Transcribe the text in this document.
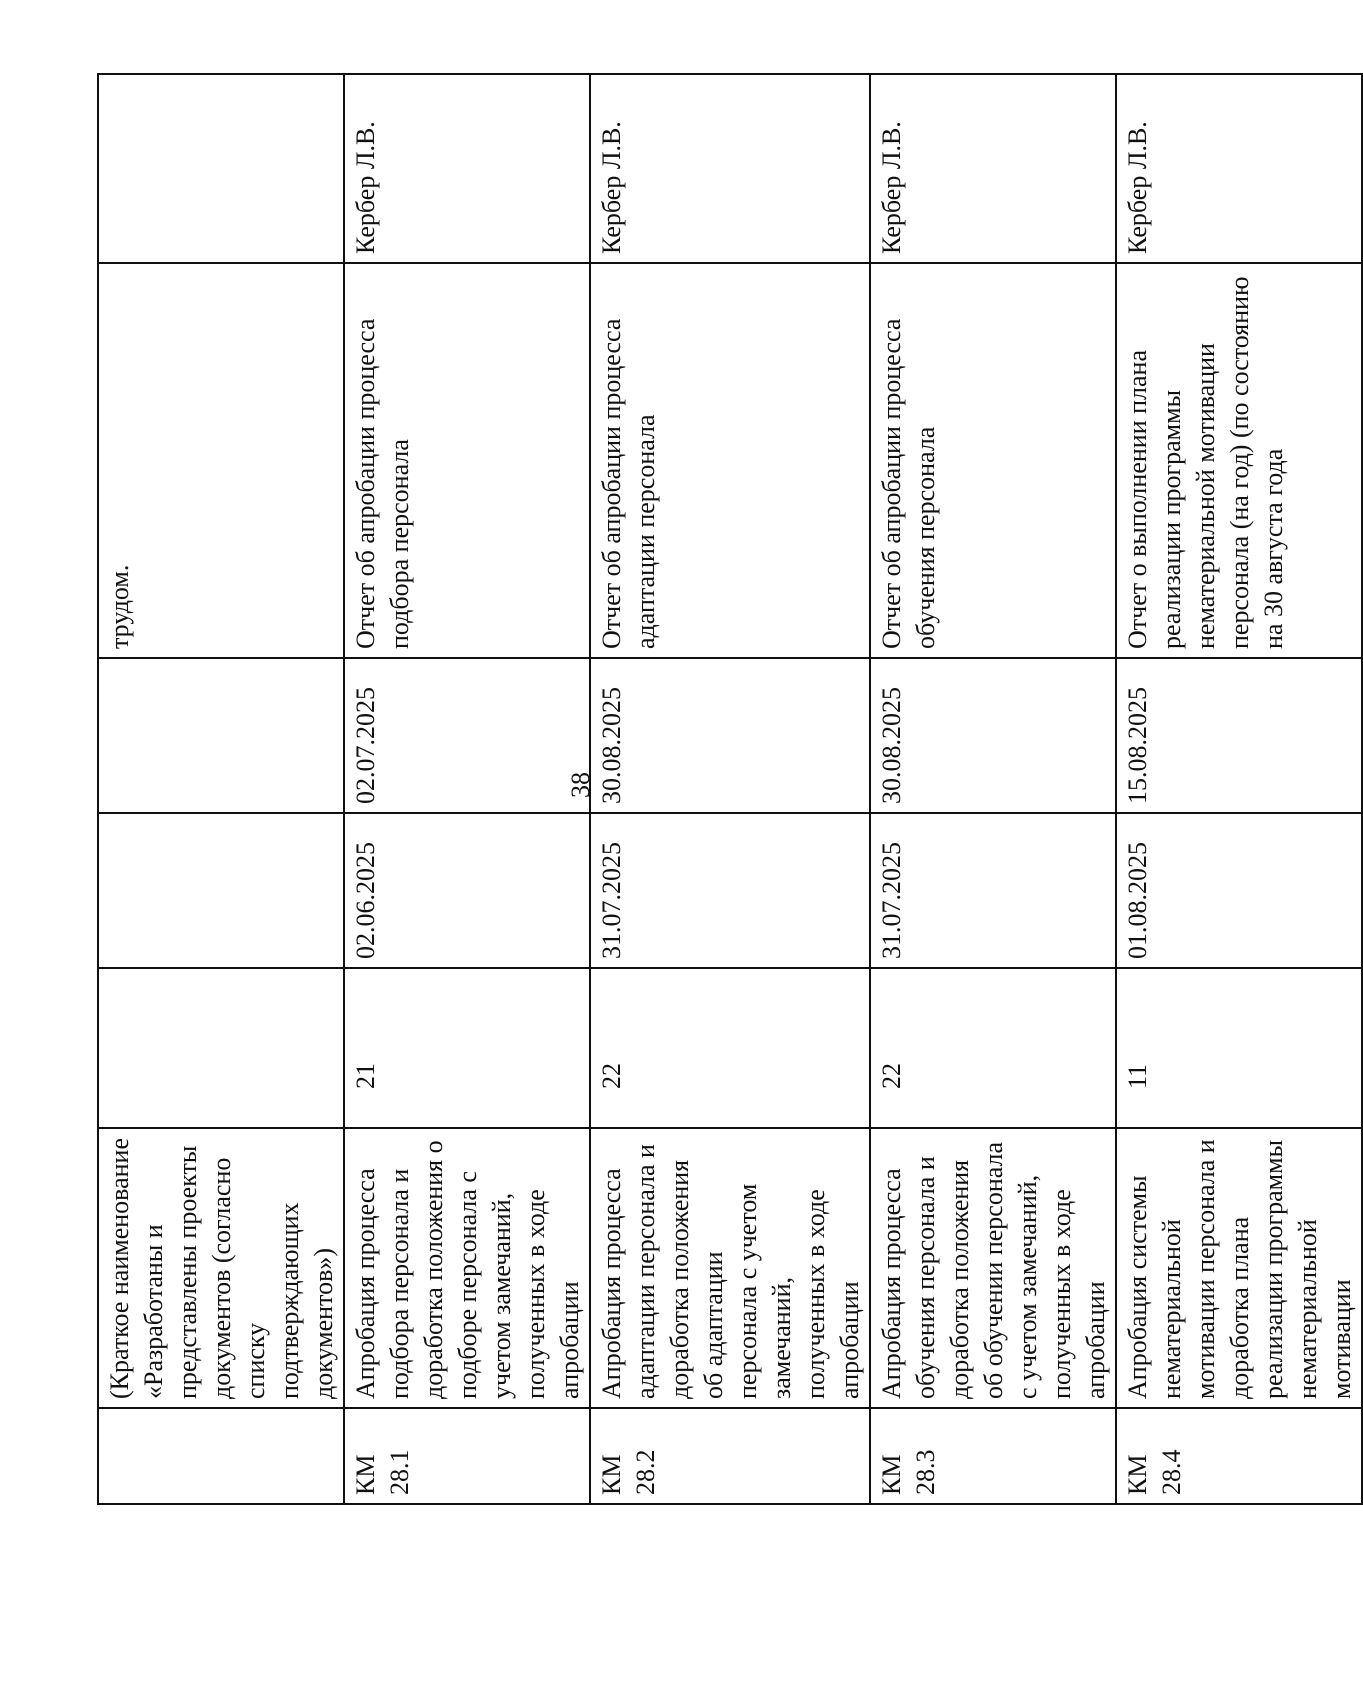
38
	(Краткое наименование «Разработаны и представлены проекты документов (согласно списку подтверждающих документов»)				трудом.	
КМ 28.1	Апробация процесса подбора персонала и доработка положения о подборе персонала с учетом замечаний, полученных в ходе апробации	21	02.06.2025	02.07.2025	Отчет об апробации процесса подбора персонала	Кербер Л.В.
КМ 28.2	Апробация процесса адаптации персонала и доработка положения об адаптации персонала с учетом замечаний, полученных в ходе апробации	22	31.07.2025	30.08.2025	Отчет об апробации процесса адаптации персонала	Кербер Л.В.
КМ 28.3	Апробация процесса обучения персонала и доработка положения об обучении персонала с учетом замечаний, полученных в ходе апробации	22	31.07.2025	30.08.2025	Отчет об апробации процесса обучения персонала	Кербер Л.В.
КМ 28.4	Апробация системы нематериальной мотивации персонала и доработка плана реализации программы нематериальной мотивации	11	01.08.2025	15.08.2025	Отчет о выполнении плана реализации программы нематериальной мотивации персонала (на год) (по состоянию на 30 августа года	Кербер Л.В.
